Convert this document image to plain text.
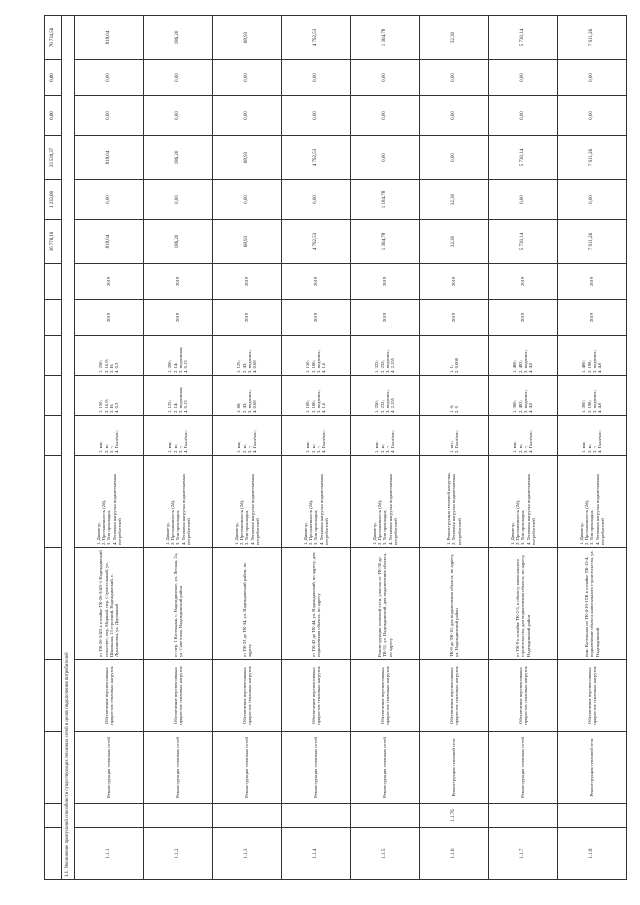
											36 778,18	1 232,08	33 539,37	0,00	0,00	70 734,58
1.1. Увеличение пропускной способности существующих тепловых сетей в целях подключения потребителей																
1.1.1		Реконструкция тепловых сетей	Обеспечение перспективных приростов тепловых нагрузок	от ТК-26-3/4/5 к отпайке ТК-26-3/4/5-1 Надеждинский сельсовет, пер. Мирный, пер. Строительный, ул. Школьная, 13 строений, Надеждинский, с. Лукьяновка, ул. Дорожный	1. Диаметр, 2. Протяженность (2d), 3. Тип прокладки, 4. Тепловая нагрузка подключаемых потребителей	1. мм; 2. м; 3. -; 4. Гкал/час;	1. 150; 2. 16,9; 3. Н; 4. 0,3	1. 250; 2. 16,9; 3. Н; 4. 0,3	2019	2019	818,04	0,00	818,04	0,00	0,00	818,04
1.1.2		Реконструкция тепловых сетей	Обеспечение перспективных приростов тепловых нагрузок	от пер. 1 Котельная, с. Надеждинское, ул. Лесная, 2а, ул. Советская, Надеждинский район	1. Диаметр, 2. Протяженность (2d), 3. Тип прокладки, 4. Тепловая нагрузка подключаемых потребителей	1. мм; 2. м; 3. -; 4. Гкал/час;	1. 125; 2. 14; 3. подземная; 4. 0,13	1. 200; 2. 14; 3. подземная; 4. 0,13	2019	2019	186,20	0,00	186,20	0,00	0,00	186,20
1.1.3		Реконструкция тепловых сетей	Обеспечение перспективных приростов тепловых нагрузок	от ТК-33 до ТК-34, ул. Надеждинский район, по адресу	1. Диаметр, 2. Протяженность (2d), 3. Тип прокладки, 4. Тепловая нагрузка подключаемых потребителей	1. мм; 2. м; 3. -; 4. Гкал/час;	1. 80; 2. 43; 3. подземн.; 4. 0,08	1. 125; 2. 43; 3. подземн.; 4. 0,08	2019	2019	68,93	0,00	68,93	0,00	0,00	68,93
1.1.4		Реконструкция тепловых сетей	Обеспечение перспективных приростов тепловых нагрузок	от ТК-43 до ТК-44, ул. Надеждинский, по адресу, для подключения объекта, по адресу	1. Диаметр, 2. Протяженность (2d), 3. Тип прокладки, 4. Тепловая нагрузка подключаемых потребителей	1. мм; 2. м; 3. -; 4. Гкал/час;	1. 100; 2. 180; 3. подземн.; 4. 1,0	1. 150; 2. 180; 3. подземн.; 4. 1,0	2019	2019	4 792,53	0,00	4 792,53	0,00	0,00	4 792,53
1.1.5		Реконструкция тепловых сетей	Обеспечение перспективных приростов тепловых нагрузок	Реконструкция тепловой сети, участок от ТК-30 до ТК-31, ул. Надеждинский, для подключения объекта, по адресу	1. Диаметр, 2. Протяженность (2d), 3. Тип прокладки, 4. Тепловая нагрузка подключаемых потребителей	1. мм; 2. м; 3. -; 4. Гкал/час;	1. 250; 2. 232; 3. подземн.; 4. 2,155	1. 325; 2. 232; 3. подземн.; 4. 2,155	2019	2019	1 364,78	1 184,78	0,00	0,00	0,00	1 364,78
1.1.6	1.1.76	Реконструкция тепловой сети	Обеспечение перспективных приростов тепловых нагрузок	ТК-9 до ТК-10, для подключения объекта, по адресу, ул. Надеждинский район	1. Реконструкция тепловой нагрузки, 2. Тепловая нагрузка подключаемых потребителей	1. шт.; 2. Гкал/час;	1. 0; 2. 0	1. 1; 2. 0,008	2019	2019	32,30	32,30	0,00	0,00	0,00	32,30
1.1.7		Реконструкция тепловых сетей	Обеспечение перспективных приростов тепловых нагрузок	от ТК-9 к отпайке ТК-2-3, к объекту капитального строительства, для подключения объекта, по адресу, Надеждинский район	1. Диаметр, 2. Протяженность (2d), 3. Тип прокладки, 4. Тепловая нагрузка подключаемых потребителей	1. мм; 2. м; 3. -; 4. Гкал/час;	1. 300; 2. 492; 3. подземн.; 4. 4,0	1. 400; 2. 492; 3. подземн.; 4. 4,0	2019	2019	5 730,14	0,00	5 730,14	0,00	0,00	5 730,14
1.1.8		Реконструкция тепловой сети	Обеспечение перспективных приростов тепловых нагрузок	пом. Котельная по ТК-4-10-1ТК к отпайке ТК-15-4, подключение объекта капитального строительства, ул. Надеждинский	1. Диаметр, 2. Протяженность (2d), 3. Тип прокладки, 4. Тепловая нагрузка подключаемых потребителей	1. мм; 2. м; 3. -; 4. Гкал/час;	1. 300; 2. 198; 3. подземн.; 4. 4,0	1. 400; 2. 198; 3. подземн.; 4. 4,0	2019	2019	7 911,26	0,00	7 911,26	0,00	0,00	7 911,26
